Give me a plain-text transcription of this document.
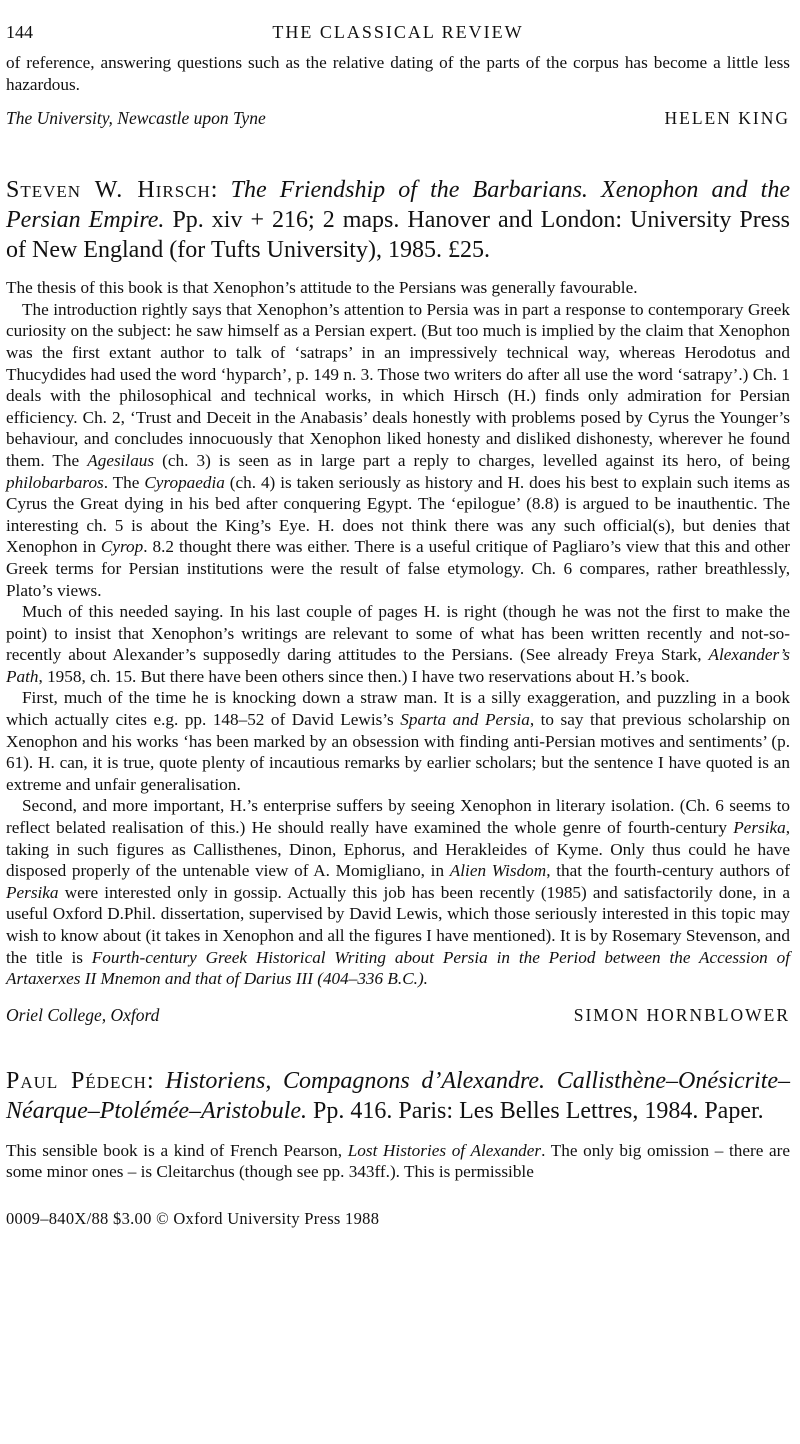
144	THE CLASSICAL REVIEW

of reference, answering questions such as the relative dating of the parts of the corpus has become a little less hazardous.

The University, Newcastle upon Tyne	HELEN KING
Steven W. Hirsch: The Friendship of the Barbarians. Xenophon and the Persian Empire. Pp. xiv + 216; 2 maps. Hanover and London: University Press of New England (for Tufts University), 1985. £25.

The thesis of this book is that Xenophon’s attitude to the Persians was generally favourable.

The introduction rightly says that Xenophon’s attention to Persia was in part a response to contemporary Greek curiosity on the subject: he saw himself as a Persian expert. (But too much is implied by the claim that Xenophon was the first extant author to talk of ‘satraps’ in an impressively technical way, whereas Herodotus and Thucydides had used the word ‘hyparch’, p. 149 n. 3. Those two writers do after all use the word ‘satrapy’.) Ch. 1 deals with the philosophical and technical works, in which Hirsch (H.) finds only admiration for Persian efficiency. Ch. 2, ‘Trust and Deceit in the Anabasis’ deals honestly with problems posed by Cyrus the Younger’s behaviour, and concludes innocuously that Xenophon liked honesty and disliked dishonesty, wherever he found them. The Agesilaus (ch. 3) is seen as in large part a reply to charges, levelled against its hero, of being philobarbaros. The Cyropaedia (ch. 4) is taken seriously as history and H. does his best to explain such items as Cyrus the Great dying in his bed after conquering Egypt. The ‘epilogue’ (8.8) is argued to be inauthentic. The interesting ch. 5 is about the King’s Eye. H. does not think there was any such official(s), but denies that Xenophon in Cyrop. 8.2 thought there was either. There is a useful critique of Pagliaro’s view that this and other Greek terms for Persian institutions were the result of false etymology. Ch. 6 compares, rather breathlessly, Plato’s views.

Much of this needed saying. In his last couple of pages H. is right (though he was not the first to make the point) to insist that Xenophon’s writings are relevant to some of what has been written recently and not-so-recently about Alexander’s supposedly daring attitudes to the Persians. (See already Freya Stark, Alexander’s Path, 1958, ch. 15. But there have been others since then.) I have two reservations about H.’s book.

First, much of the time he is knocking down a straw man. It is a silly exaggeration, and puzzling in a book which actually cites e.g. pp. 148–52 of David Lewis’s Sparta and Persia, to say that previous scholarship on Xenophon and his works ‘has been marked by an obsession with finding anti-Persian motives and sentiments’ (p. 61). H. can, it is true, quote plenty of incautious remarks by earlier scholars; but the sentence I have quoted is an extreme and unfair generalisation.

Second, and more important, H.’s enterprise suffers by seeing Xenophon in literary isolation. (Ch. 6 seems to reflect belated realisation of this.) He should really have examined the whole genre of fourth-century Persika, taking in such figures as Callisthenes, Dinon, Ephorus, and Herakleides of Kyme. Only thus could he have disposed properly of the untenable view of A. Momigliano, in Alien Wisdom, that the fourth-century authors of Persika were interested only in gossip. Actually this job has been recently (1985) and satisfactorily done, in a useful Oxford D.Phil. dissertation, supervised by David Lewis, which those seriously interested in this topic may wish to know about (it takes in Xenophon and all the figures I have mentioned). It is by Rosemary Stevenson, and the title is Fourth-century Greek Historical Writing about Persia in the Period between the Accession of Artaxerxes II Mnemon and that of Darius III (404–336 B.C.).

Oriel College, Oxford	SIMON HORNBLOWER
Paul Pédech: Historiens, Compagnons d’Alexandre. Callisthène–Onésicrite–Néarque–Ptolémée–Aristobule. Pp. 416. Paris: Les Belles Lettres, 1984. Paper.

This sensible book is a kind of French Pearson, Lost Histories of Alexander. The only big omission – there are some minor ones – is Cleitarchus (though see pp. 343ff.). This is permissible

0009–840X/88 $3.00 © Oxford University Press 1988
